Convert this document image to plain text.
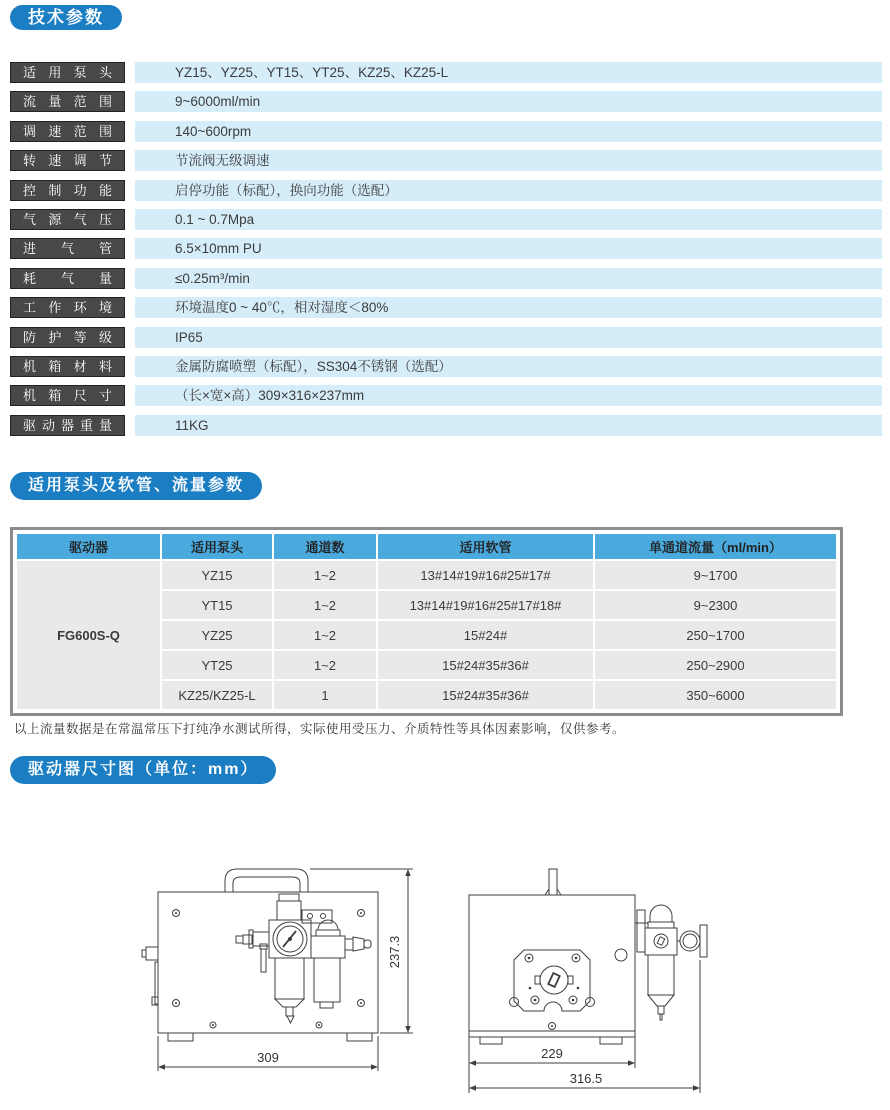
技术参数
适用泵头	YZ15、YZ25、YT15、YT25、KZ25、KZ25-L
流量范围	9~6000ml/min
调速范围	140~600rpm
转速调节	节流阀无级调速
控制功能	启停功能（标配），换向功能（选配）
气源气压	0.1 ~ 0.7Mpa
进气管	6.5×10mm PU
耗气量	≤0.25m³/min
工作环境	环境温度0 ~ 40℃，相对湿度＜80%
防护等级	IP65
机箱材料	金属防腐喷塑（标配），SS304不锈钢（选配）
机箱尺寸	（长×宽×高）309×316×237mm
驱动器重量	11KG
适用泵头及软管、流量参数
驱动器	适用泵头	通道数	适用软管	单通道流量（ml/min）
FG600S-Q	YZ15	1~2	13#14#19#16#25#17#	9~1700
	YT15	1~2	13#14#19#16#25#17#18#	9~2300
	YZ25	1~2	15#24#	250~1700
	YT25	1~2	15#24#35#36#	250~2900
	KZ25/KZ25-L	1	15#24#35#36#	350~6000
以上流量数据是在常温常压下打纯净水测试所得，实际使用受压力、介质特性等具体因素影响，仅供参考。
驱动器尺寸图（单位：mm）
237.3
309	229
316.5
